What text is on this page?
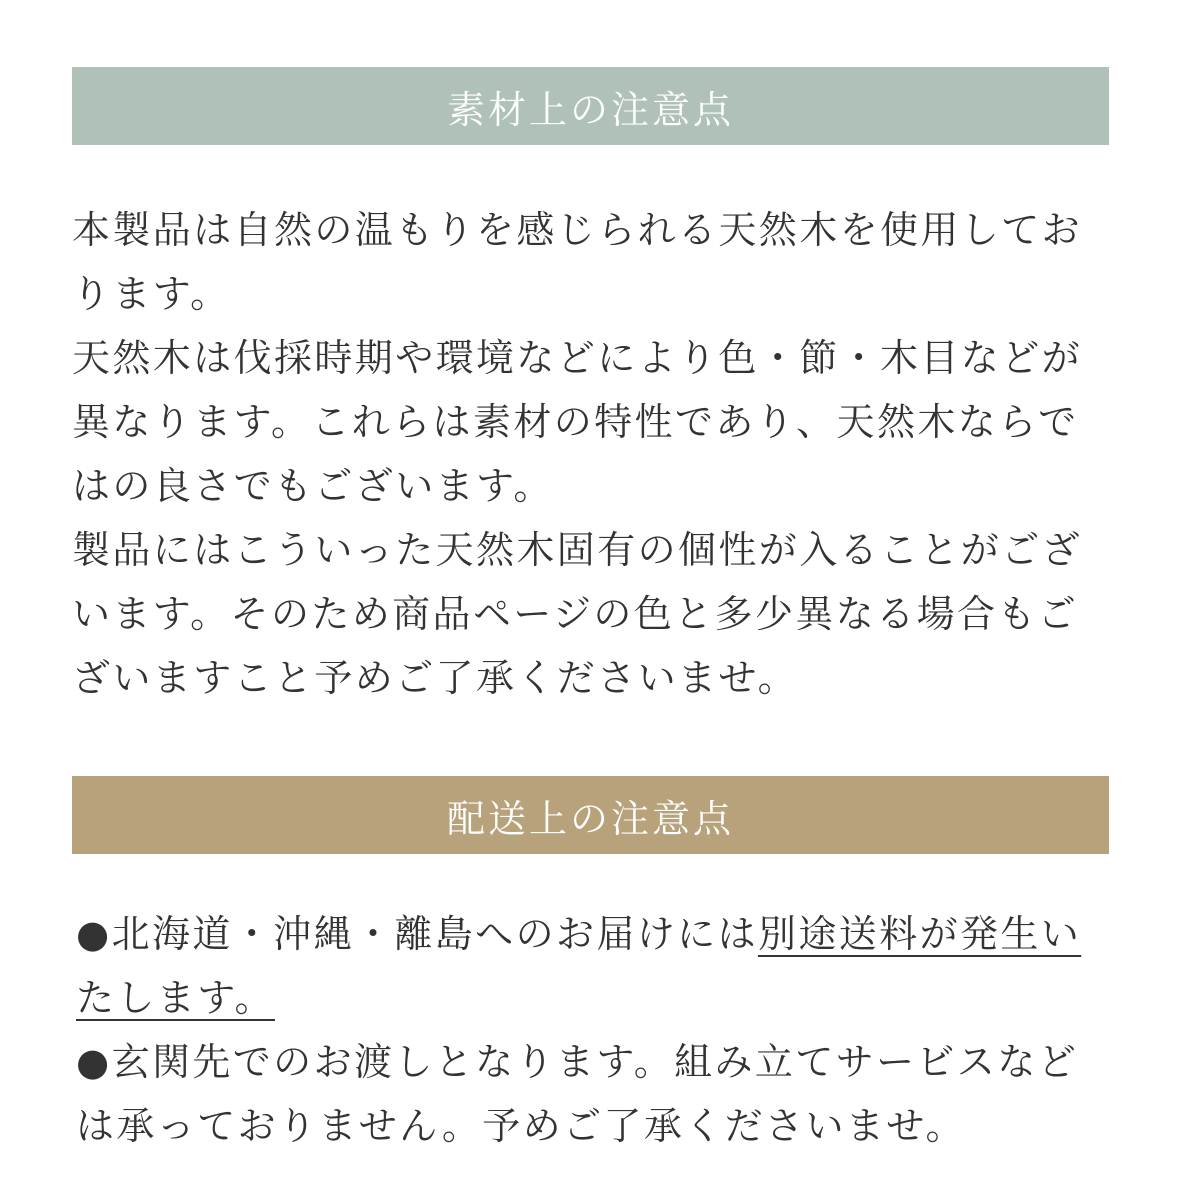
素材上の注意点

本製品は自然の温もりを感じられる天然木を使用しております。

天然木は伐採時期や環境などにより色・節・木目などが異なります。これらは素材の特性であり、天然木ならではの良さでもございます。

製品にはこういった天然木固有の個性が入ることがございます。そのため商品ページの色と多少異なる場合もございますこと予めご了承くださいませ。

配送上の注意点

●北海道・沖縄・離島へのお届けには別途送料が発生いたします。

●玄関先でのお渡しとなります。組み立てサービスなどは承っておりません。予めご了承くださいませ。
